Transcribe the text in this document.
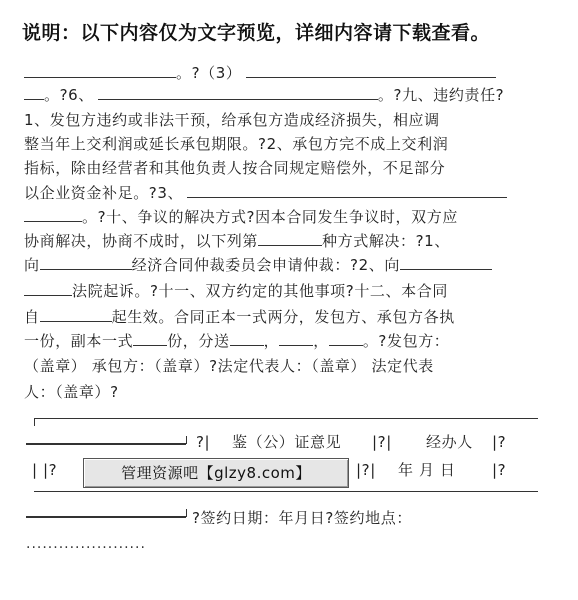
说明：以下内容仅为文字预览，详细内容请下载查看。
。?（3）
。?6、	。?九、违约责任?
1、发包方违约或非法干预，给承包方造成经济损失，相应调
整当年上交利润或延长承包期限。?2、承包方完不成上交利润
指标，除由经营者和其他负责人按合同规定赔偿外，不足部分
以企业资金补足。?3、
。?十、争议的解决方式?因本合同发生争议时，双方应
协商解决，协商不成时，以下列第	种方式解决：?1、
向	经济合同仲裁委员会申请仲裁：?2、向
法院起诉。?十一、双方约定的其他事项?十二、本合同
自	起生效。合同正本一式两分，发包方、承包方各执
一份，副本一式 份，分送 ， ， 。?发包方：
（盖章） 承包方：（盖章）?法定代表人：（盖章） 法定代表
人：（盖章）?
?| 鉴（公）证意见 |?| 经办人 |?
| |?	管理资源吧【glzy8.com】	|?| 年 月 日 |?
?签约日期：年月日?签约地点：
······················
